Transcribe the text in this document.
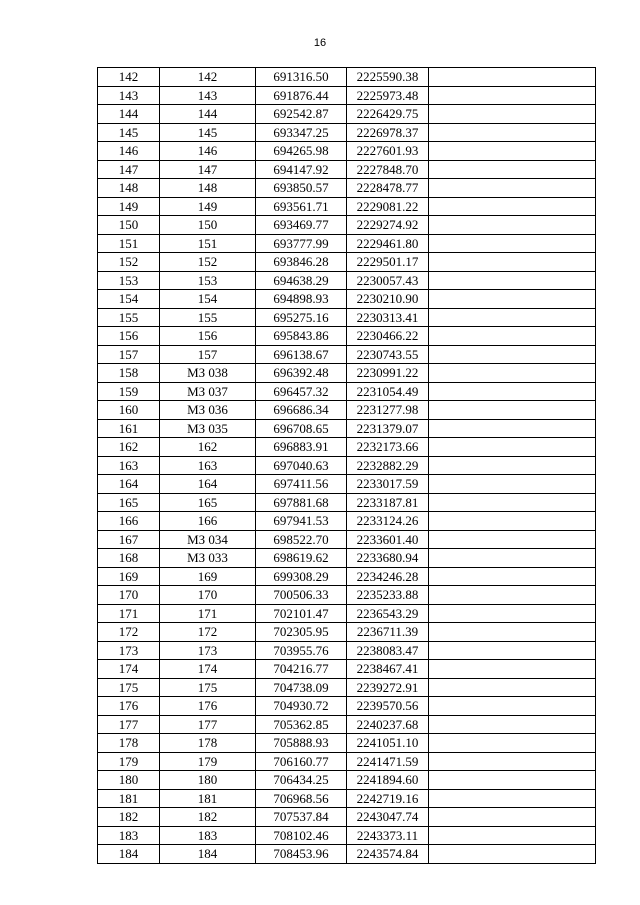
16
142	142	691316.50	2225590.38	
143	143	691876.44	2225973.48	
144	144	692542.87	2226429.75	
145	145	693347.25	2226978.37	
146	146	694265.98	2227601.93	
147	147	694147.92	2227848.70	
148	148	693850.57	2228478.77	
149	149	693561.71	2229081.22	
150	150	693469.77	2229274.92	
151	151	693777.99	2229461.80	
152	152	693846.28	2229501.17	
153	153	694638.29	2230057.43	
154	154	694898.93	2230210.90	
155	155	695275.16	2230313.41	
156	156	695843.86	2230466.22	
157	157	696138.67	2230743.55	
158	МЗ 038	696392.48	2230991.22	
159	МЗ 037	696457.32	2231054.49	
160	МЗ 036	696686.34	2231277.98	
161	МЗ 035	696708.65	2231379.07	
162	162	696883.91	2232173.66	
163	163	697040.63	2232882.29	
164	164	697411.56	2233017.59	
165	165	697881.68	2233187.81	
166	166	697941.53	2233124.26	
167	МЗ 034	698522.70	2233601.40	
168	МЗ 033	698619.62	2233680.94	
169	169	699308.29	2234246.28	
170	170	700506.33	2235233.88	
171	171	702101.47	2236543.29	
172	172	702305.95	2236711.39	
173	173	703955.76	2238083.47	
174	174	704216.77	2238467.41	
175	175	704738.09	2239272.91	
176	176	704930.72	2239570.56	
177	177	705362.85	2240237.68	
178	178	705888.93	2241051.10	
179	179	706160.77	2241471.59	
180	180	706434.25	2241894.60	
181	181	706968.56	2242719.16	
182	182	707537.84	2243047.74	
183	183	708102.46	2243373.11	
184	184	708453.96	2243574.84	
